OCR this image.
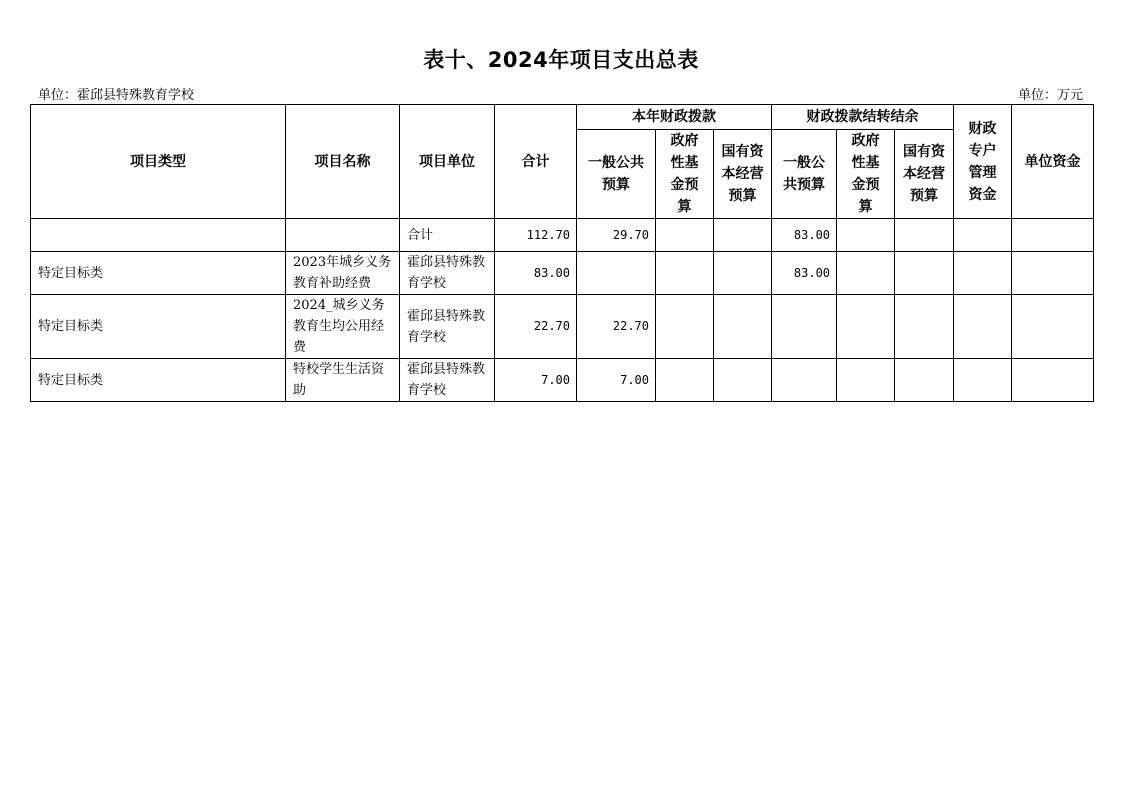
表十、2024年项目支出总表
单位：霍邱县特殊教育学校	单位：万元
项目类型	项目名称	项目单位	合计	本年财政拨款			财政拨款结转结余			财政专户管理资金	单位资金
				一般公共预算	政府性基金预算	国有资本经营预算	一般公共预算	政府性基金预算	国有资本经营预算		
		合计	112.70	29.70			83.00				
特定目标类	2023年城乡义务教育补助经费	霍邱县特殊教育学校	83.00				83.00				
特定目标类	2024_城乡义务教育生均公用经费	霍邱县特殊教育学校	22.70	22.70							
特定目标类	特校学生生活资助	霍邱县特殊教育学校	7.00	7.00							
